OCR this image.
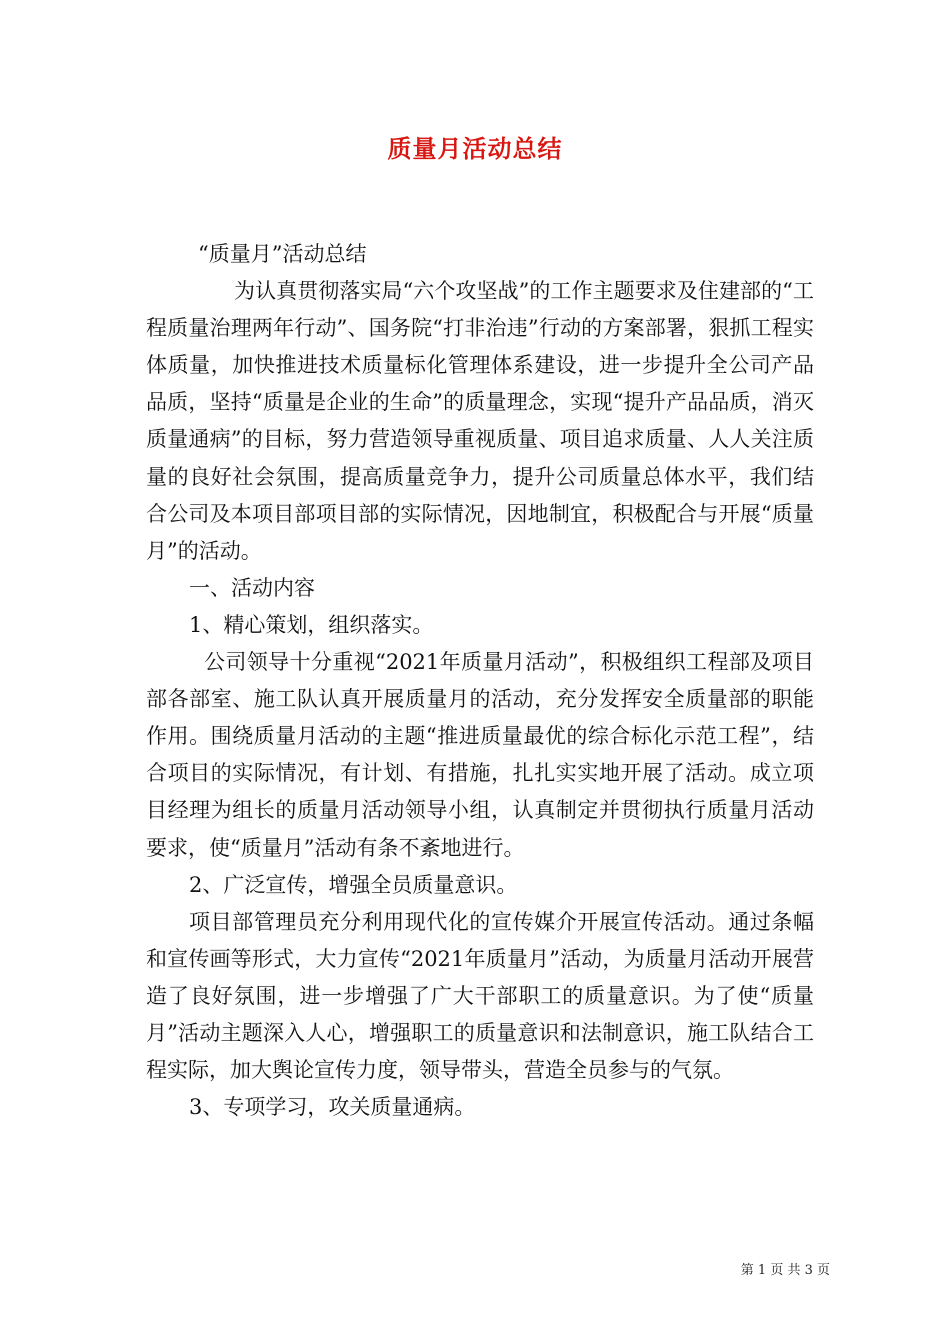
质量月活动总结

“质量月”活动总结

为认真贯彻落实局“六个攻坚战”的工作主题要求及住建部的“工程质量治理两年行动”、国务院“打非治违”行动的方案部署，狠抓工程实体质量，加快推进技术质量标化管理体系建设，进一步提升全公司产品品质，坚持“质量是企业的生命”的质量理念，实现“提升产品品质，消灭质量通病”的目标，努力营造领导重视质量、项目追求质量、人人关注质量的良好社会氛围，提高质量竞争力，提升公司质量总体水平，我们结合公司及本项目部项目部的实际情况，因地制宜，积极配合与开展“质量月”的活动。

一、活动内容

1、精心策划，组织落实。

公司领导十分重视“2021年质量月活动”，积极组织工程部及项目部各部室、施工队认真开展质量月的活动，充分发挥安全质量部的职能作用。围绕质量月活动的主题“推进质量最优的综合标化示范工程”，结合项目的实际情况，有计划、有措施，扎扎实实地开展了活动。成立项目经理为组长的质量月活动领导小组，认真制定并贯彻执行质量月活动要求，使“质量月”活动有条不紊地进行。

2、广泛宣传，增强全员质量意识。

项目部管理员充分利用现代化的宣传媒介开展宣传活动。通过条幅和宣传画等形式，大力宣传“2021年质量月”活动，为质量月活动开展营造了良好氛围，进一步增强了广大干部职工的质量意识。为了使“质量月”活动主题深入人心，增强职工的质量意识和法制意识，施工队结合工程实际，加大舆论宣传力度，领导带头，营造全员参与的气氛。

3、专项学习，攻关质量通病。

第 1 页 共 3 页
